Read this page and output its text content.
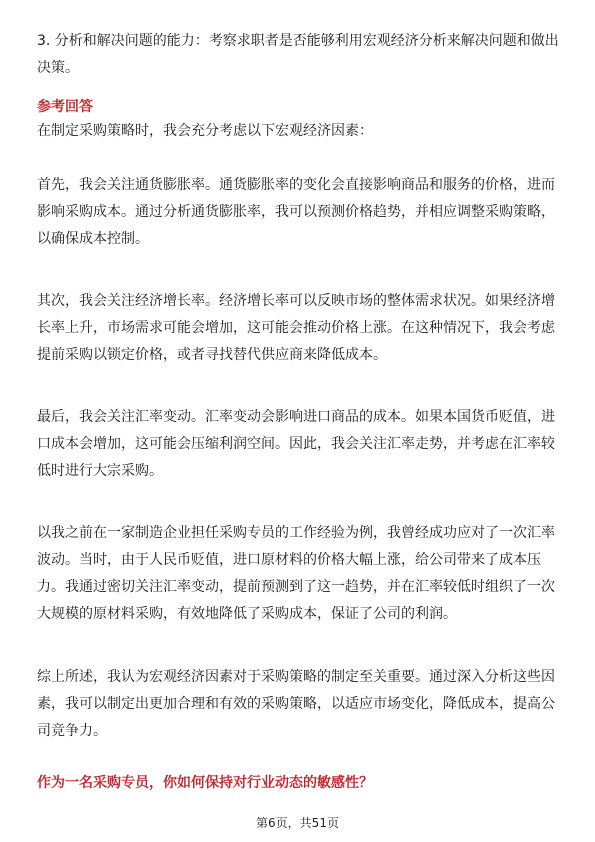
3. 分析和解决问题的能力：考察求职者是否能够利用宏观经济分析来解决问题和做出决策。

参考回答

在制定采购策略时，我会充分考虑以下宏观经济因素：

首先，我会关注通货膨胀率。通货膨胀率的变化会直接影响商品和服务的价格，进而影响采购成本。通过分析通货膨胀率，我可以预测价格趋势，并相应调整采购策略，以确保成本控制。

其次，我会关注经济增长率。经济增长率可以反映市场的整体需求状况。如果经济增长率上升，市场需求可能会增加，这可能会推动价格上涨。在这种情况下，我会考虑提前采购以锁定价格，或者寻找替代供应商来降低成本。

最后，我会关注汇率变动。汇率变动会影响进口商品的成本。如果本国货币贬值，进口成本会增加，这可能会压缩利润空间。因此，我会关注汇率走势，并考虑在汇率较低时进行大宗采购。

以我之前在一家制造企业担任采购专员的工作经验为例，我曾经成功应对了一次汇率波动。当时，由于人民币贬值，进口原材料的价格大幅上涨，给公司带来了成本压力。我通过密切关注汇率变动，提前预测到了这一趋势，并在汇率较低时组织了一次大规模的原材料采购，有效地降低了采购成本，保证了公司的利润。

综上所述，我认为宏观经济因素对于采购策略的制定至关重要。通过深入分析这些因素，我可以制定出更加合理和有效的采购策略，以适应市场变化，降低成本，提高公司竞争力。

作为一名采购专员，你如何保持对行业动态的敏感性？

第6页，共51页
